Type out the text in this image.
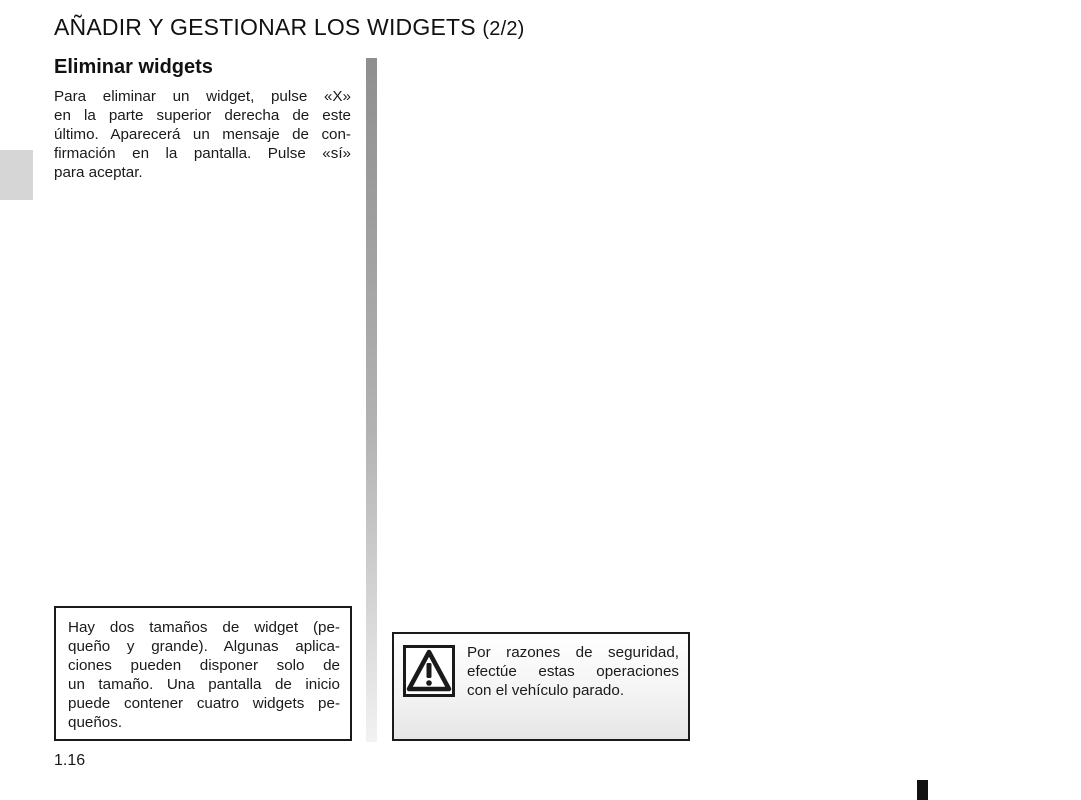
AÑADIR Y GESTIONAR LOS WIDGETS (2/2)
Eliminar widgets

Para eliminar un widget, pulse «X»
en la parte superior derecha de este
último. Aparecerá un mensaje de con-
firmación en la pantalla. Pulse «sí»
para aceptar.

Hay dos tamaños de widget (pe-
queño y grande). Algunas aplica-
ciones pueden disponer solo de
un tamaño. Una pantalla de inicio
puede contener cuatro widgets pe-
queños.

Por razones de seguridad,
efectúe estas operaciones
con el vehículo parado.

1.16
